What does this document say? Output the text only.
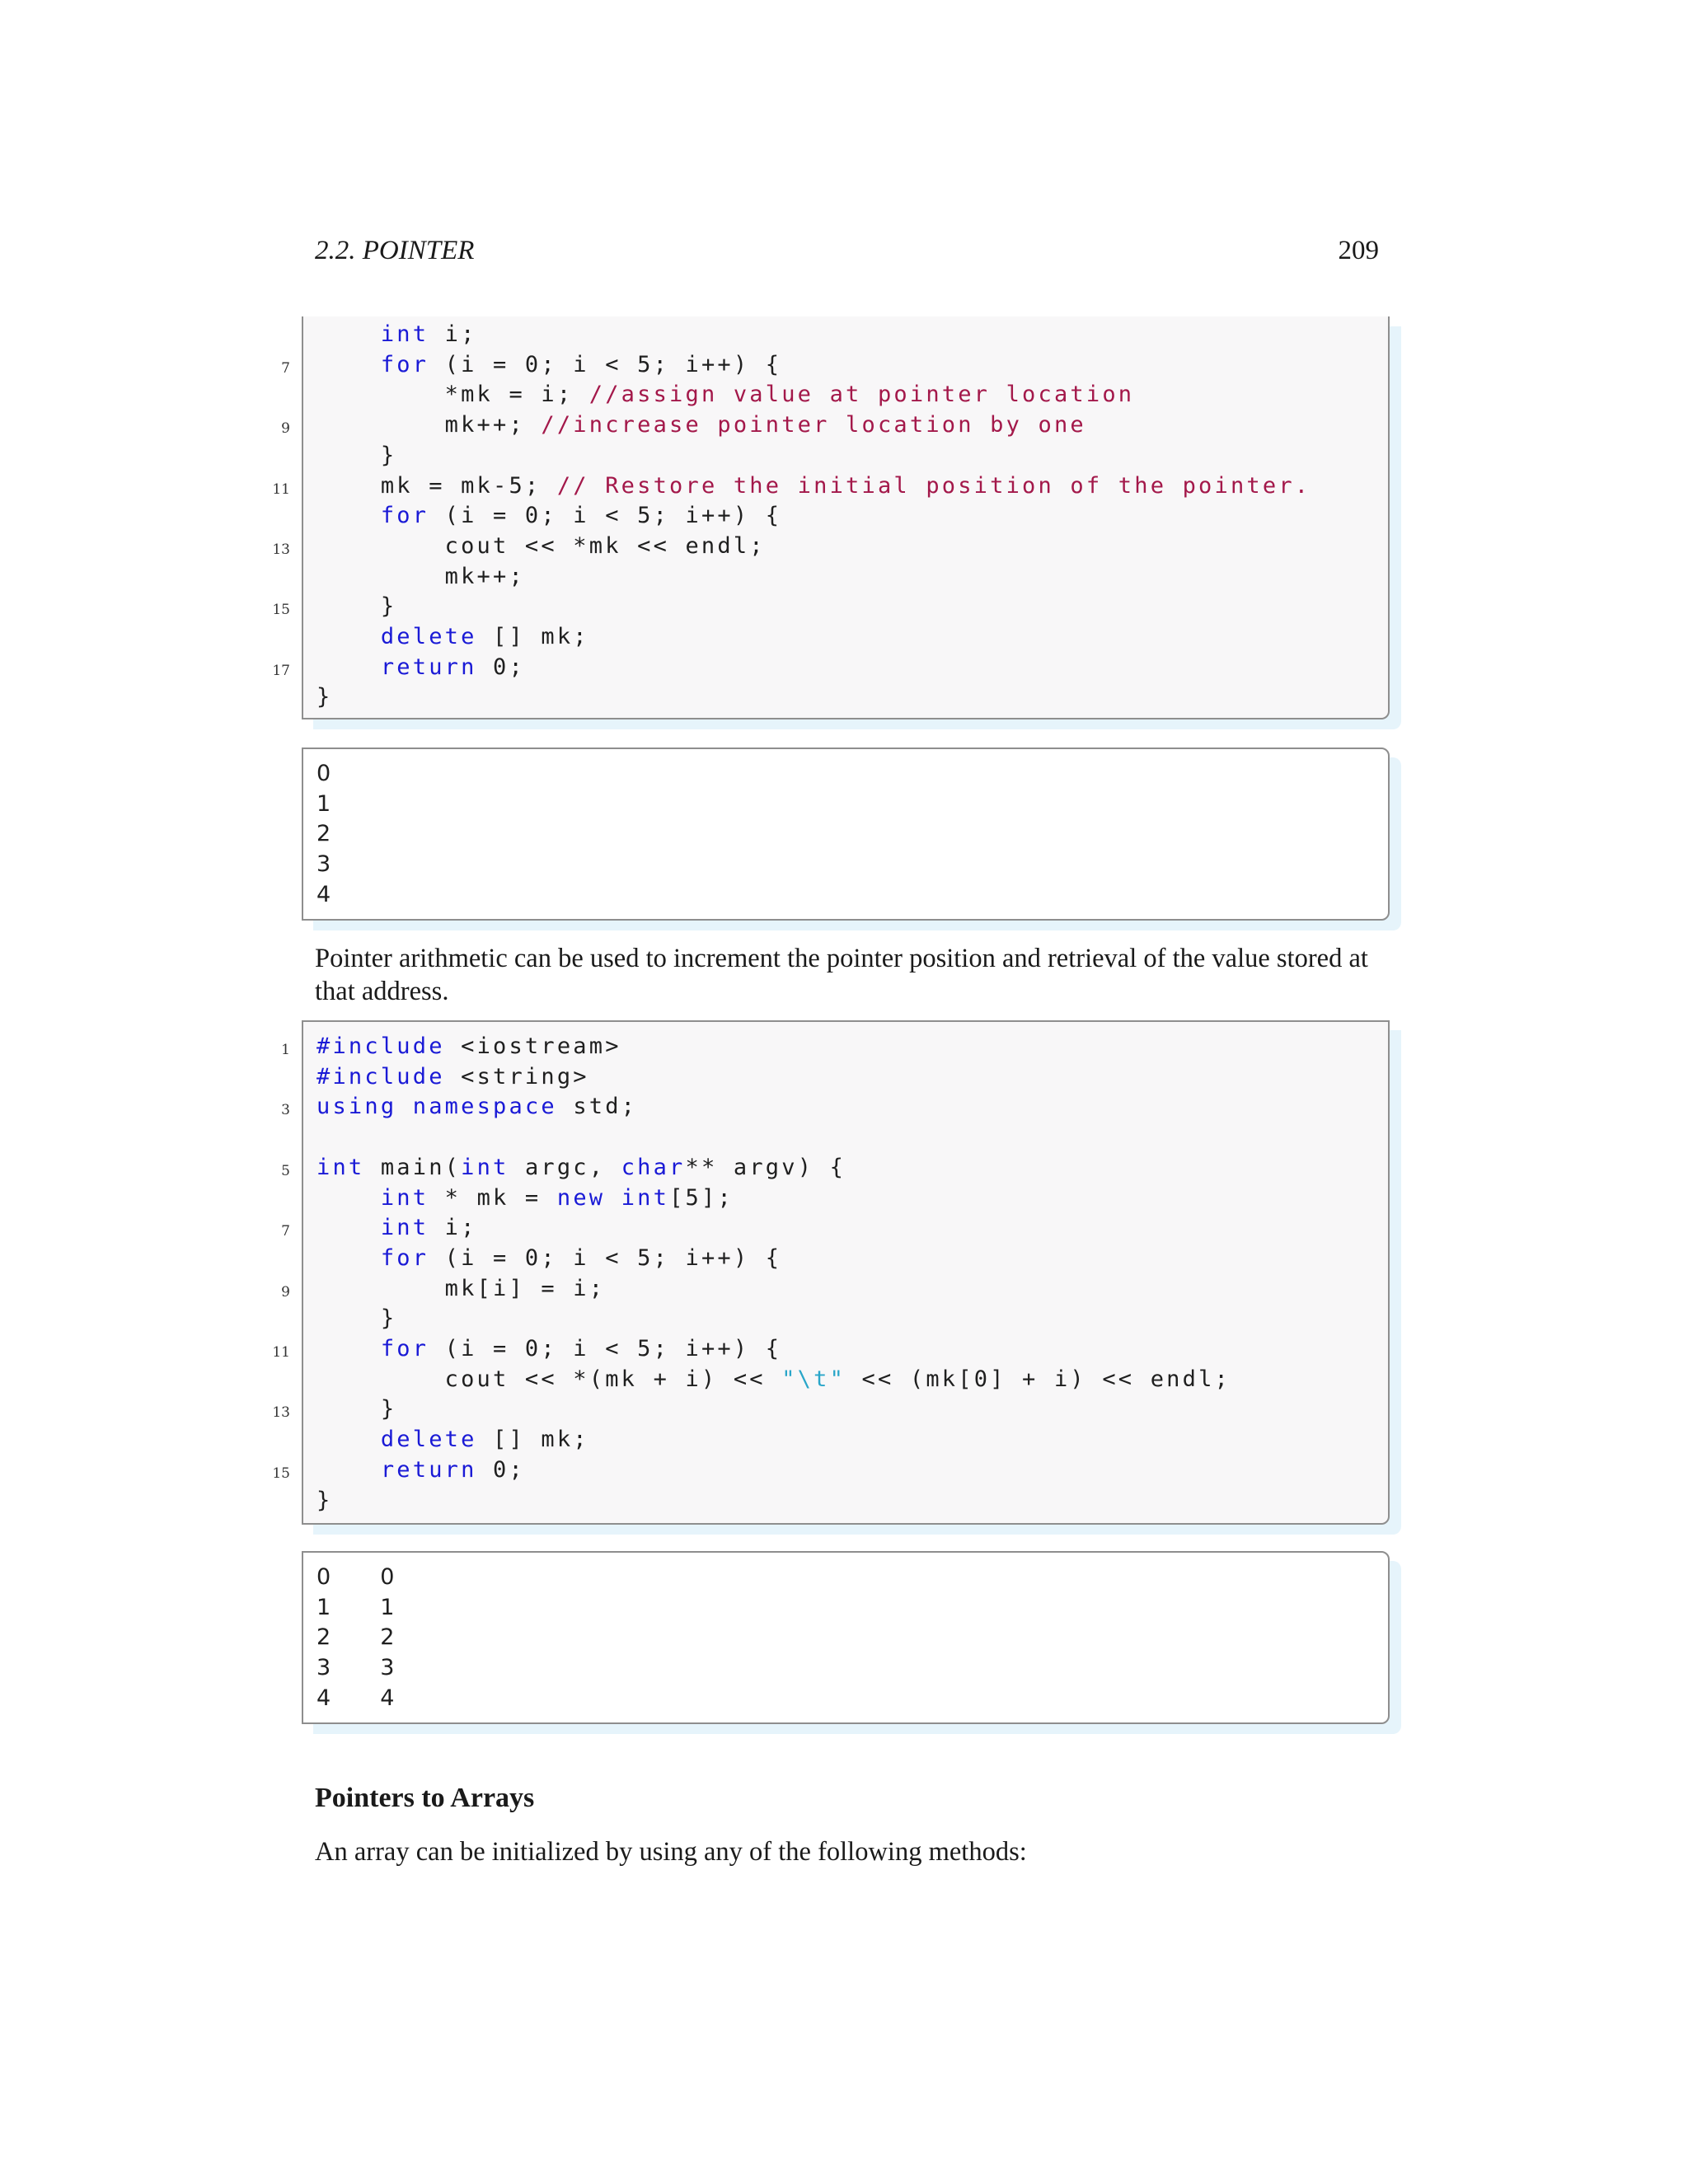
2.2. POINTER	209
int i;
7	for (i = 0; i < 5; i++) {
*mk = i; //assign value at pointer location
9 mk++; //increase pointer location by one
}
11 mk = mk-5; // Restore the initial position of the pointer.
for (i = 0; i < 5; i++) {
13 cout << *mk << endl;
mk++;
15 }
delete [] mk;
17	return 0;
}
0
1
2
3
4
Pointer arithmetic can be used to increment the pointer position and retrieval of the value stored at that address.
1 #include <iostream>
#include <string>
3 using namespace std;
5 int main(int argc, char** argv) {
int * mk = new int[5];
7	int i;
for (i = 0; i < 5; i++) {
9 mk[i] = i;
}
11	for (i = 0; i < 5; i++) {
cout << *(mk + i) << "\t" << (mk[0] + i) << endl;
13 }
delete [] mk;
15	return 0;
}
0       0
1       1
2       2
3       3
4       4
Pointers to Arrays
An array can be initialized by using any of the following methods:
